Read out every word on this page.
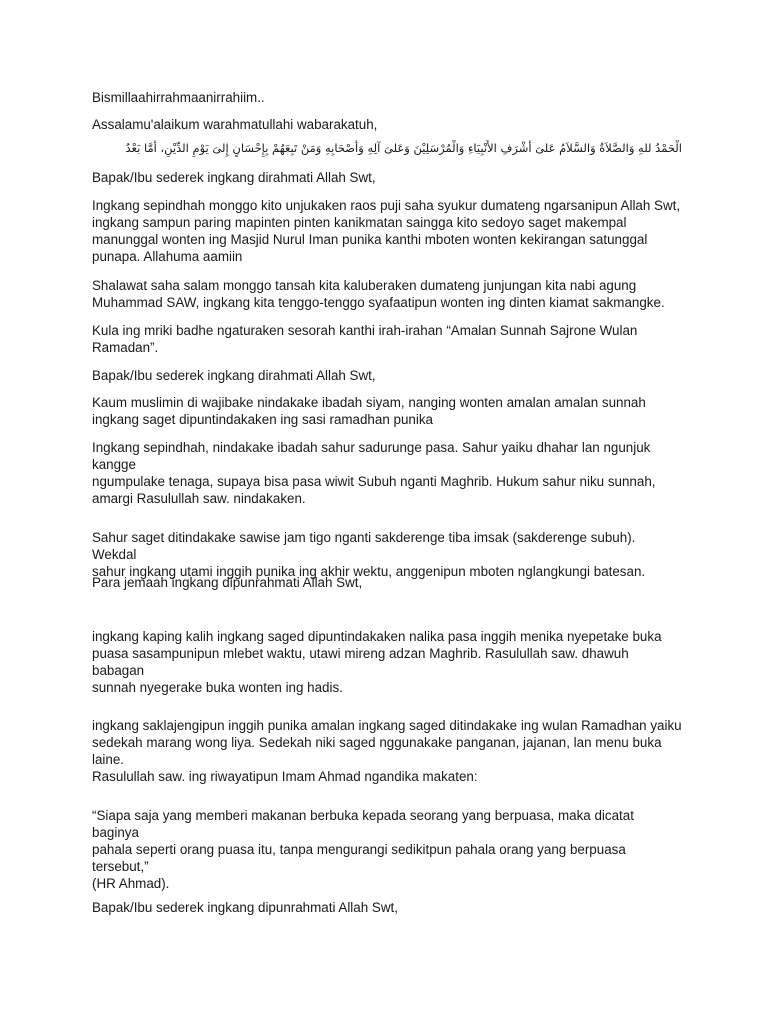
Bismillaahirrahmaanirrahiim..

Assalamu'alaikum warahmatullahi wabarakatuh,

الْحَمْدُ للهِ وَالصَّلاَةُ وَالسَّلاَمُ عَلىَ أَشْرَفِ الأَنْبِيَاءِ وَالْمُرْسَلِيْنَ وَعَلىَ آلِهِ وَأَصْحَابِهِ وَمَنْ تَبِعَهُمْ بِإِحْسَانٍ إِلىَ يَوْمِ الدِّيْنِ، أَمَّا بَعْدُ

Bapak/Ibu sederek ingkang dirahmati Allah Swt,

Ingkang sepindhah monggo kito unjukaken raos puji saha syukur dumateng ngarsanipun Allah Swt,
ingkang sampun paring mapinten pinten kanikmatan saingga kito sedoyo saget makempal
manunggal wonten ing Masjid Nurul Iman punika kanthi mboten wonten kekirangan satunggal
punapa. Allahuma aamiin

Shalawat saha salam monggo tansah kita kaluberaken dumateng junjungan kita nabi agung
Muhammad SAW, ingkang kita tenggo-tenggo syafaatipun wonten ing dinten kiamat sakmangke.

Kula ing mriki badhe ngaturaken sesorah kanthi irah-irahan “Amalan Sunnah Sajrone Wulan
Ramadan”.

Bapak/Ibu sederek ingkang dirahmati Allah Swt,

Kaum muslimin di wajibake nindakake ibadah siyam, nanging wonten amalan amalan sunnah
ingkang saget dipuntindakaken ing sasi ramadhan punika

Ingkang sepindhah, nindakake ibadah sahur sadurunge pasa. Sahur yaiku dhahar lan ngunjuk kangge
ngumpulake tenaga, supaya bisa pasa wiwit Subuh nganti Maghrib. Hukum sahur niku sunnah,
amargi Rasulullah saw. nindakaken.

Sahur saget ditindakake sawise jam tigo nganti sakderenge tiba imsak (sakderenge subuh). Wekdal
sahur ingkang utami inggih punika ing akhir wektu, anggenipun mboten nglangkungi batesan.

Para jemaah ingkang dipunrahmati Allah Swt,

ingkang kaping kalih ingkang saged dipuntindakaken nalika pasa inggih menika nyepetake buka
puasa sasampunipun mlebet waktu, utawi mireng adzan Maghrib. Rasulullah saw. dhawuh babagan
sunnah nyegerake buka wonten ing hadis.

ingkang saklajengipun inggih punika amalan ingkang saged ditindakake ing wulan Ramadhan yaiku
sedekah marang wong liya. Sedekah niki saged nggunakake panganan, jajanan, lan menu buka laine.
Rasulullah saw. ing riwayatipun Imam Ahmad ngandika makaten:

“Siapa saja yang memberi makanan berbuka kepada seorang yang berpuasa, maka dicatat baginya
pahala seperti orang puasa itu, tanpa mengurangi sedikitpun pahala orang yang berpuasa tersebut,”
(HR Ahmad).

Bapak/Ibu sederek ingkang dipunrahmati Allah Swt,
